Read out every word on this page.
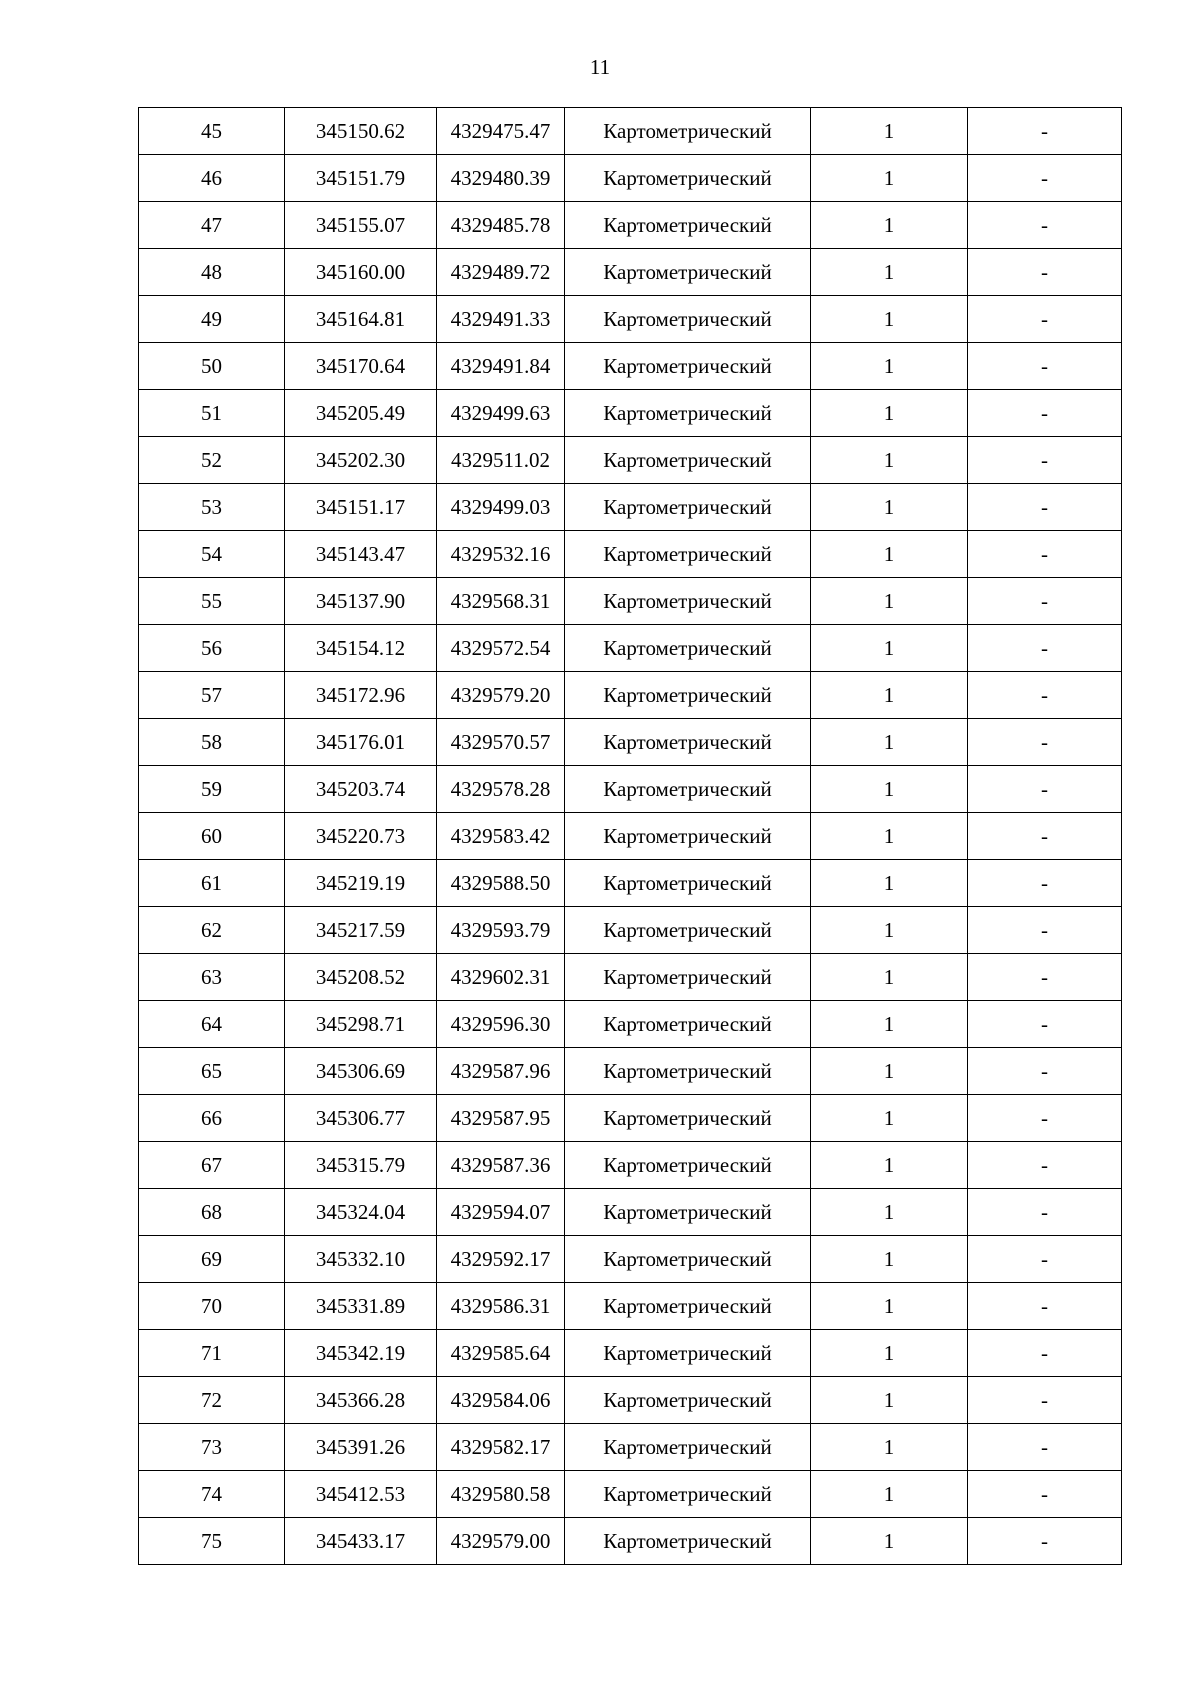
11
45	345150.62	4329475.47	Картометрический	1	-
46	345151.79	4329480.39	Картометрический	1	-
47	345155.07	4329485.78	Картометрический	1	-
48	345160.00	4329489.72	Картометрический	1	-
49	345164.81	4329491.33	Картометрический	1	-
50	345170.64	4329491.84	Картометрический	1	-
51	345205.49	4329499.63	Картометрический	1	-
52	345202.30	4329511.02	Картометрический	1	-
53	345151.17	4329499.03	Картометрический	1	-
54	345143.47	4329532.16	Картометрический	1	-
55	345137.90	4329568.31	Картометрический	1	-
56	345154.12	4329572.54	Картометрический	1	-
57	345172.96	4329579.20	Картометрический	1	-
58	345176.01	4329570.57	Картометрический	1	-
59	345203.74	4329578.28	Картометрический	1	-
60	345220.73	4329583.42	Картометрический	1	-
61	345219.19	4329588.50	Картометрический	1	-
62	345217.59	4329593.79	Картометрический	1	-
63	345208.52	4329602.31	Картометрический	1	-
64	345298.71	4329596.30	Картометрический	1	-
65	345306.69	4329587.96	Картометрический	1	-
66	345306.77	4329587.95	Картометрический	1	-
67	345315.79	4329587.36	Картометрический	1	-
68	345324.04	4329594.07	Картометрический	1	-
69	345332.10	4329592.17	Картометрический	1	-
70	345331.89	4329586.31	Картометрический	1	-
71	345342.19	4329585.64	Картометрический	1	-
72	345366.28	4329584.06	Картометрический	1	-
73	345391.26	4329582.17	Картометрический	1	-
74	345412.53	4329580.58	Картометрический	1	-
75	345433.17	4329579.00	Картометрический	1	-
